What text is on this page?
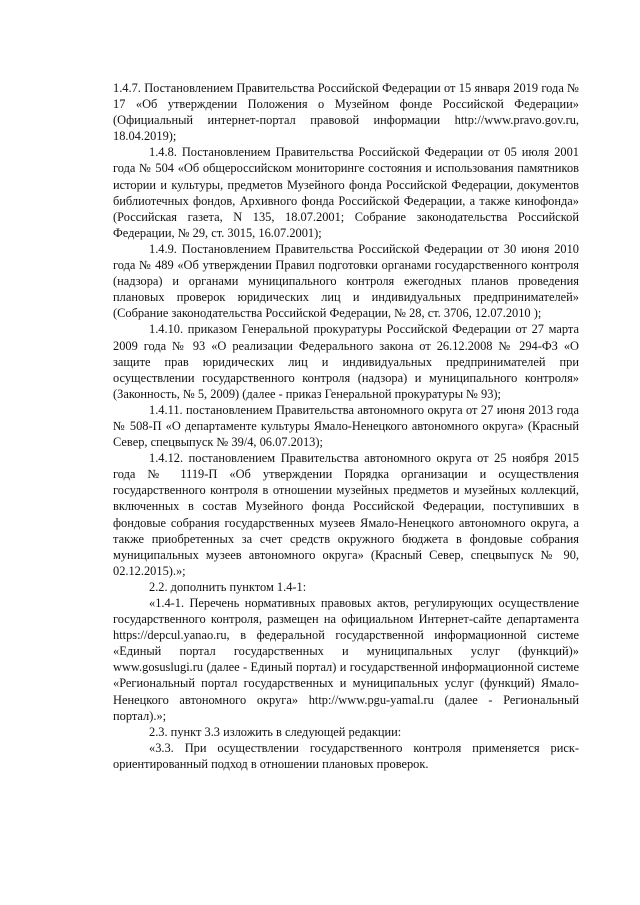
1.4.7. Постановлением Правительства Российской Федерации от 15 января 2019 года № 17 «Об утверждении Положения о Музейном фонде Российской Федерации» (Официальный интернет-портал правовой информации http://www.pravo.gov.ru, 18.04.2019);

1.4.8. Постановлением Правительства Российской Федерации от 05 июля 2001 года № 504 «Об общероссийском мониторинге состояния и использования памятников истории и культуры, предметов Музейного фонда Российской Федерации, документов библиотечных фондов, Архивного фонда Российской Федерации, а также кинофонда» (Российская газета, N 135, 18.07.2001; Собрание законодательства Российской Федерации, № 29, ст. 3015, 16.07.2001);

1.4.9. Постановлением Правительства Российской Федерации от 30 июня 2010 года № 489 «Об утверждении Правил подготовки органами государственного контроля (надзора) и органами муниципального контроля ежегодных планов проведения плановых проверок юридических лиц и индивидуальных предпринимателей» (Собрание законодательства Российской Федерации, № 28, ст. 3706, 12.07.2010 );

1.4.10. приказом Генеральной прокуратуры Российской Федерации от 27 марта 2009 года № 93 «О реализации Федерального закона от 26.12.2008 № 294-ФЗ «О защите прав юридических лиц и индивидуальных предпринимателей при осуществлении государственного контроля (надзора) и муниципального контроля» (Законность, № 5, 2009) (далее - приказ Генеральной прокуратуры № 93);

1.4.11. постановлением Правительства автономного округа от 27 июня 2013 года № 508-П «О департаменте культуры Ямало-Ненецкого автономного округа» (Красный Север, спецвыпуск № 39/4, 06.07.2013);

1.4.12. постановлением Правительства автономного округа от 25 ноября 2015 года № 1119-П «Об утверждении Порядка организации и осуществления государственного контроля в отношении музейных предметов и музейных коллекций, включенных в состав Музейного фонда Российской Федерации, поступивших в фондовые собрания государственных музеев Ямало-Ненецкого автономного округа, а также приобретенных за счет средств окружного бюджета в фондовые собрания муниципальных музеев автономного округа» (Красный Север, спецвыпуск № 90, 02.12.2015).»;

2.2. дополнить пунктом 1.4-1:

«1.4-1. Перечень нормативных правовых актов, регулирующих осуществление государственного контроля, размещен на официальном Интернет-сайте департамента https://depcul.yanao.ru, в федеральной государственной информационной системе «Единый портал государственных и муниципальных услуг (функций)» www.gosuslugi.ru (далее - Единый портал) и государственной информационной системе «Региональный портал государственных и муниципальных услуг (функций) Ямало-Ненецкого автономного округа» http://www.pgu-yamal.ru (далее - Региональный портал).»;

2.3. пункт 3.3 изложить в следующей редакции:

«3.3. При осуществлении государственного контроля применяется риск-ориентированный подход в отношении плановых проверок.
